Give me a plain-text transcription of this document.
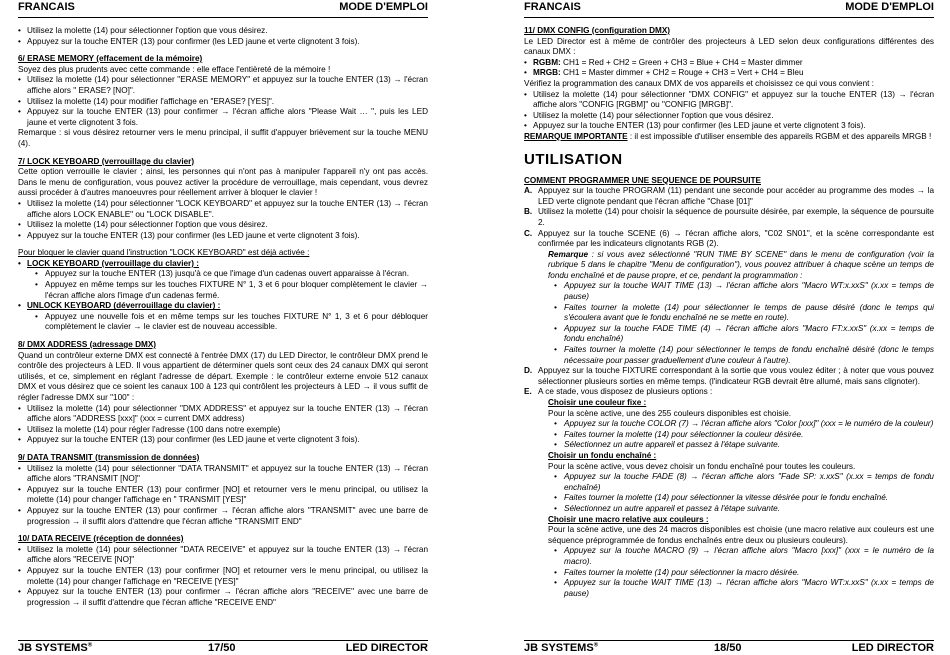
FRANCAIS	MODE D'EMPLOI

• Utilisez la molette (14) pour sélectionner l'option que vous désirez.

• Appuyez sur la touche ENTER (13) pour confirmer (les LED jaune et verte clignotent 3 fois).

6/ ERASE MEMORY (effacement de la mémoire)

Soyez des plus prudents avec cette commande : elle efface l'entièreté de la mémoire !

• Utilisez la molette (14) pour sélectionner "ERASE MEMORY" et appuyez sur la touche ENTER (13) → l'écran affiche alors " ERASE? [NO]".

• Utilisez la molette (14) pour modifier l'affichage en "ERASE? [YES]".

• Appuyez sur la touche ENTER (13) pour confirmer → l'écran affiche alors "Please Wait … ", puis les LED jaune et verte clignotent 3 fois.

Remarque : si vous désirez retourner vers le menu principal, il suffit d'appuyer brièvement sur la touche MENU (4).

7/ LOCK KEYBOARD (verrouillage du clavier)

Cette option verrouille le clavier ; ainsi, les personnes qui n'ont pas à manipuler l'appareil n'y ont pas accès. Dans le menu de configuration, vous pouvez activer la procédure de verrouillage, mais cependant, vous devrez aussi procéder à d'autres manoeuvres pour réellement arriver à bloquer le clavier !

• Utilisez la molette (14) pour sélectionner "LOCK KEYBOARD" et appuyez sur la touche ENTER (13) → l'écran affiche alors LOCK ENABLE" ou "LOCK DISABLE".

• Utilisez la molette (14) pour sélectionner l'option que vous désirez.

• Appuyez sur la touche ENTER (13) pour confirmer (les LED jaune et verte clignotent 3 fois).

Pour bloquer le clavier quand l'instruction "LOCK KEYBOARD" est déjà activée :

• LOCK KEYBOARD (verrouillage du clavier) :

• Appuyez sur la touche ENTER (13) jusqu'à ce que l'image d'un cadenas ouvert apparaisse à l'écran.

• Appuyez en même temps sur les touches FIXTURE N° 1, 3 et 6 pour bloquer complètement le clavier → l'écran affiche alors l'image d'un cadenas fermé.

• UNLOCK KEYBOARD (déverrouillage du clavier) :

• Appuyez une nouvelle fois et en même temps sur les touches FIXTURE N° 1, 3 et 6 pour débloquer complètement le clavier → le clavier est de nouveau accessible.

8/ DMX ADDRESS (adressage DMX)

Quand un contrôleur externe DMX est connecté à l'entrée DMX (17) du LED Director, le contrôleur DMX prend le contrôle des projecteurs à LED. Il vous appartient de déterminer quels sont ceux des 24 canaux DMX qui seront utilisés, et ce, simplement en réglant l'adresse de départ. Exemple : le contrôleur externe envoie 512 canaux DMX et vous désirez que ce soient les canaux 100 à 123 qui contrôlent les projecteurs à LED → il vous suffit de régler l'adresse DMX sur "100" :

• Utilisez la molette (14) pour sélectionner "DMX ADDRESS" et appuyez sur la touche ENTER (13) → l'écran affiche alors "ADDRESS [xxx]" (xxx = current DMX address)

• Utilisez la molette (14) pour régler l'adresse (100 dans notre exemple)

• Appuyez sur la touche ENTER (13) pour confirmer (les LED jaune et verte clignotent 3 fois).

9/ DATA TRANSMIT (transmission de données)

• Utilisez la molette (14) pour sélectionner "DATA TRANSMIT" et appuyez sur la touche ENTER (13) → l'écran affiche alors "TRANSMIT [NO]"

• Appuyez sur la touche ENTER (13) pour confirmer [NO] et retourner vers le menu principal, ou utilisez la molette (14) pour changer l'affichage en " TRANSMIT [YES]"

• Appuyez sur la touche ENTER (13) pour confirmer → l'écran affiche alors "TRANSMIT" avec une barre de progression → il suffit alors d'attendre que l'écran affiche "TRANSMIT END"

10/ DATA RECEIVE (réception de données)

• Utilisez la molette (14) pour sélectionner "DATA RECEIVE" et appuyez sur la touche ENTER (13) → l'écran affiche alors "RECEIVE [NO]"

• Appuyez sur la touche ENTER (13) pour confirmer [NO] et retourner vers le menu principal, ou utilisez la molette (14) pour changer l'affichage en "RECEIVE [YES]"

• Appuyez sur la touche ENTER (13) pour confirmer → l'écran affiche alors "RECEIVE" avec une barre de progression → il suffit d'attendre que l'écran affiche "RECEIVE END"

JB SYSTEMS®	17/50	LED DIRECTOR
FRANCAIS	MODE D'EMPLOI

11/ DMX CONFIG (configuration DMX)

Le LED Director est à même de contrôler des projecteurs à LED selon deux configurations différentes des canaux DMX :

• RGBM: CH1 = Red + CH2 = Green + CH3 = Blue + CH4 = Master dimmer

• MRGB: CH1 = Master dimmer + CH2 = Rouge + CH3 = Vert + CH4 = Bleu

Vérifiez la programmation des canaux DMX de vos appareils et choisissez ce qui vous convient :

• Utilisez la molette (14) pour sélectionner "DMX CONFIG" et appuyez sur la touche ENTER (13) → l'écran affiche alors "CONFIG [RGBM]" ou "CONFIG [MRGB]".

• Utilisez la molette (14) pour sélectionner l'option que vous désirez.

• Appuyez sur la touche ENTER (13) pour confirmer (les LED jaune et verte clignotent 3 fois).

REMARQUE IMPORTANTE : il est impossible d'utiliser ensemble des appareils RGBM et des appareils MRGB !

UTILISATION

COMMENT PROGRAMMER UNE SEQUENCE DE POURSUITE

A. Appuyez sur la touche PROGRAM (11) pendant une seconde pour accéder au programme des modes → la LED verte clignote pendant que l'écran affiche "Chase [01]"

B. Utilisez la molette (14) pour choisir la séquence de poursuite désirée, par exemple, la séquence de poursuite 2.

C. Appuyez sur la touche SCENE (6) → l'écran affiche alors, "C02 SN01", et la scène correspondante est confirmée par les indicateurs clignotants RGB (2).

Remarque : si vous avez sélectionné "RUN TIME BY SCENE" dans le menu de configuration (voir la rubrique 5 dans le chapitre "Menu de configuration"), vous pouvez attribuer à chaque scène un temps de fondu enchaîné et de pause propre, et ce, pendant la programmation :

• Appuyez sur la touche WAIT TIME (13) → l'écran affiche alors "Macro WT:x.xxS" (x.xx = temps de pause)

• Faites tourner la molette (14) pour sélectionner le temps de pause désiré (donc le temps qui s'écoulera avant que le fondu enchaîné ne se mette en route).

• Appuyez sur la touche FADE TIME (4) → l'écran affiche alors "Macro FT:x.xxS" (x.xx = temps de fondu enchaîné)

• Faites tourner la molette (14) pour sélectionner le temps de fondu enchaîné désiré (donc le temps nécessaire pour passer graduellement d'une couleur à l'autre).

D. Appuyez sur la touche FIXTURE correspondant à la sortie que vous voulez éditer ; à noter que vous pouvez sélectionner plusieurs sorties en même temps. (l'indicateur RGB devrait être allumé, mais sans clignoter).

E. A ce stade, vous disposez de plusieurs options :

Choisir une couleur fixe :

Pour la scène active, une des 255 couleurs disponibles est choisie.

• Appuyez sur la touche COLOR (7) → l'écran affiche alors "Color [xxx]" (xxx = le numéro de la couleur)

• Faites tourner la molette (14) pour sélectionner la couleur désirée.

• Sélectionnez un autre appareil et passez à l'étape suivante.

Choisir un fondu enchaîné :

Pour la scène active, vous devez choisir un fondu enchaîné pour toutes les couleurs.

• Appuyez sur la touche FADE (8) → l'écran affiche alors "Fade SP: x.xxS" (x.xx = temps de fondu enchaîné)

• Faites tourner la molette (14) pour sélectionner la vitesse désirée pour le fondu enchaîné.

• Sélectionnez un autre appareil et passez à l'étape suivante.

Choisir une macro relative aux couleurs :

Pour la scène active, une des 24 macros disponibles est choisie (une macro relative aux couleurs est une séquence préprogrammée de fondus enchaînés entre deux ou plusieurs couleurs).

• Appuyez sur la touche MACRO (9) → l'écran affiche alors "Macro [xxx]" (xxx = le numéro de la macro).

• Faites tourner la molette (14) pour sélectionner la macro désirée.

• Appuyez sur la touche WAIT TIME (13) → l'écran affiche alors "Macro WT:x.xxS" (x.xx = temps de pause)

JB SYSTEMS®	18/50	LED DIRECTOR
